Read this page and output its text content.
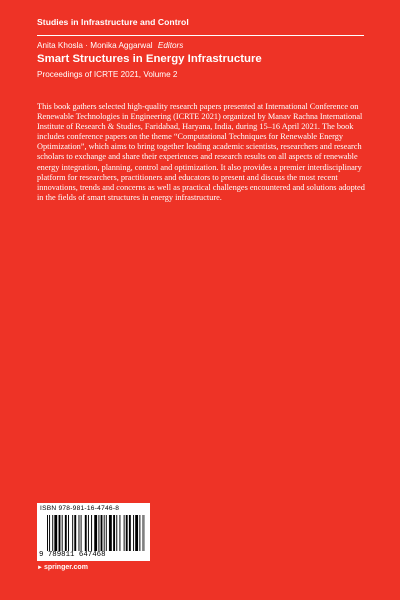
Studies in Infrastructure and Control
Anita Khosla · Monika Aggarwal Editors
Smart Structures in Energy Infrastructure
Proceedings of ICRTE 2021, Volume 2

This book gathers selected high-quality research papers presented at International Conference on Renewable Technologies in Engineering (ICRTE 2021) organized by Manav Rachna International Institute of Research & Studies, Faridabad, Haryana, India, during 15–16 April 2021. The book includes conference papers on the theme “Computational Techniques for Renewable Energy Optimization”, which aims to bring together leading academic scientists, researchers and research scholars to exchange and share their experiences and research results on all aspects of renewable energy integration, planning, control and optimization. It also provides a premier interdisciplinary platform for researchers, practitioners and educators to present and discuss the most recent innovations, trends and concerns as well as practical challenges encountered and solutions adopted in the fields of smart structures in energy infrastructure.

ISBN 978-981-16-4746-8
9 789811 647468
►springer.com
